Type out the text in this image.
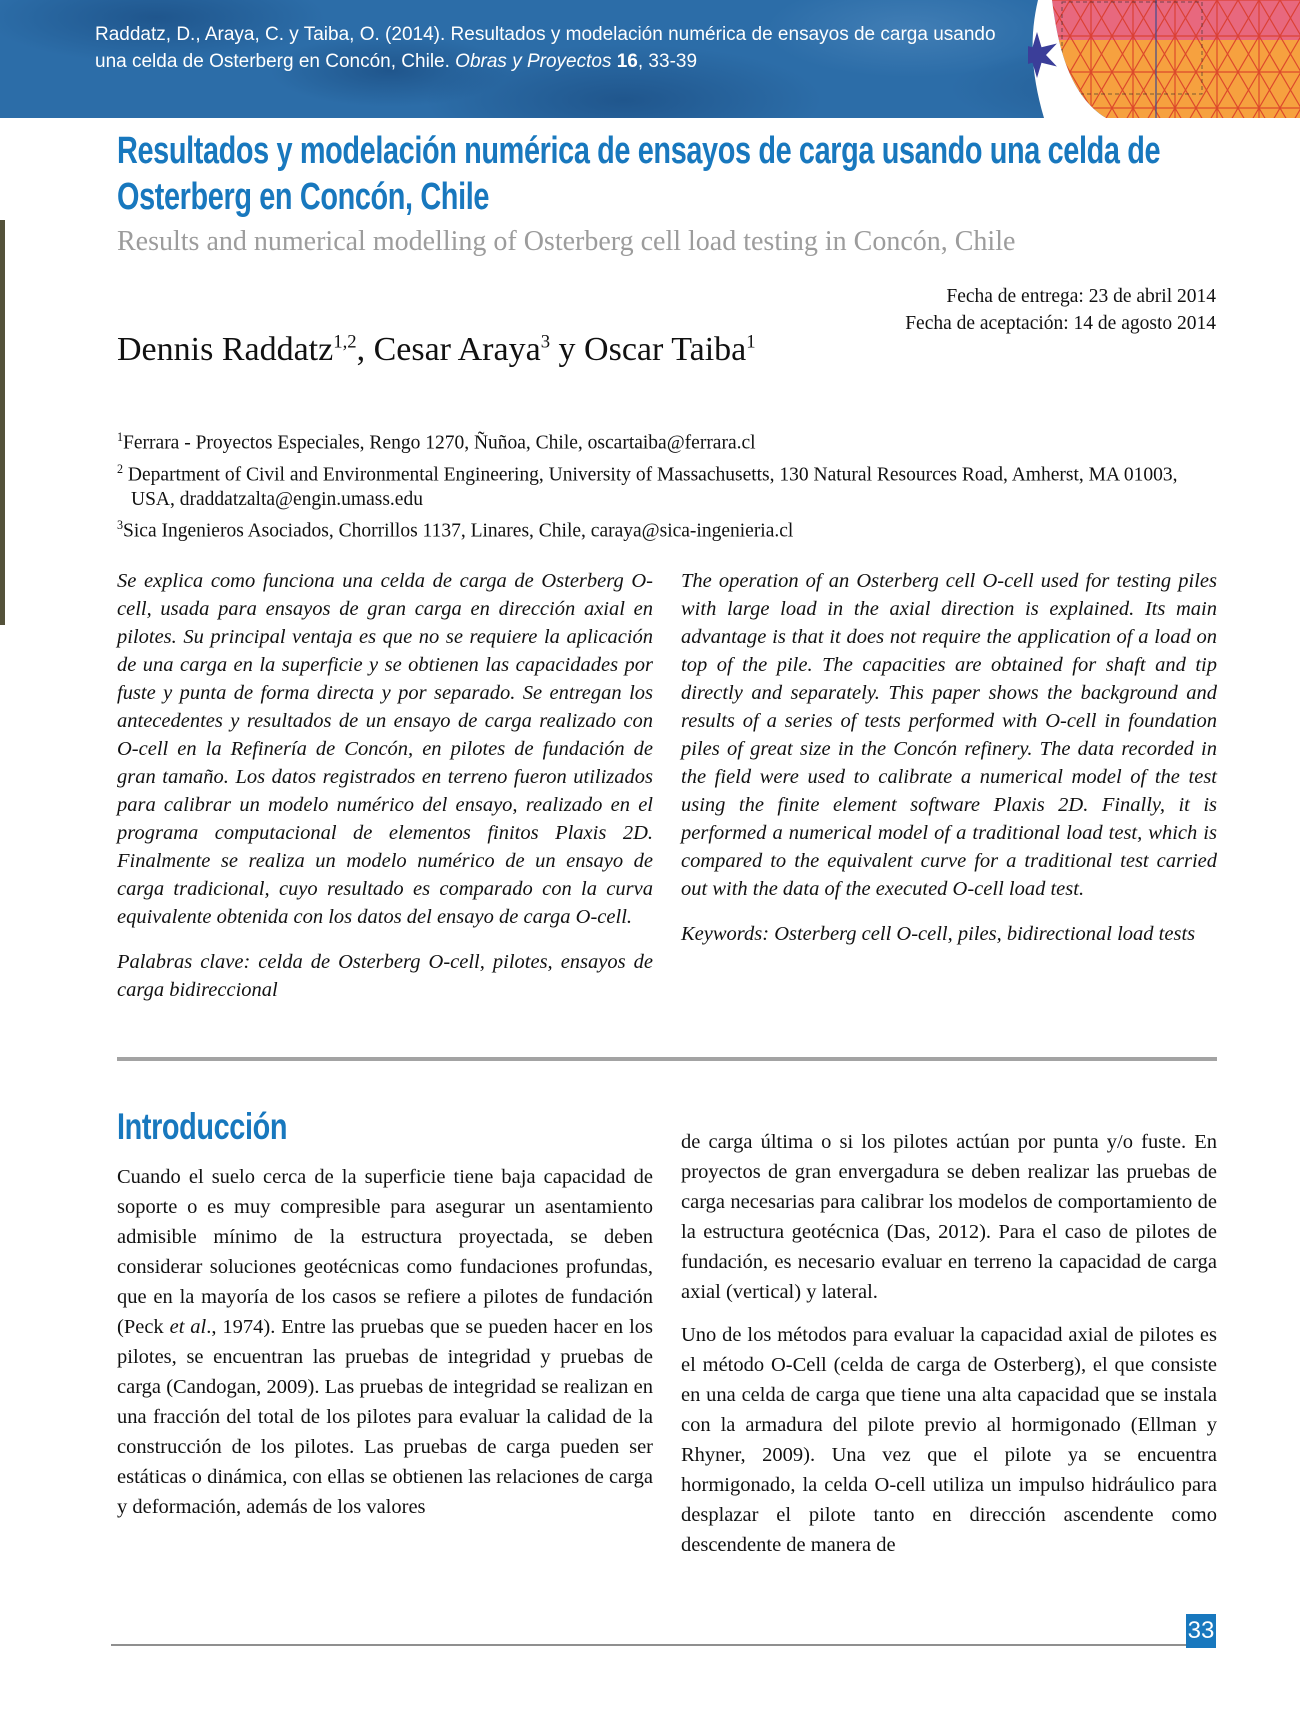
Raddatz, D., Araya, C. y Taiba, O. (2014). Resultados y modelación numérica de ensayos de carga usando una celda de Osterberg en Concón, Chile. Obras y Proyectos 16, 33-39
Resultados y modelación numérica de ensayos de carga usando una celda de
Osterberg en Concón, Chile
Results and numerical modelling of Osterberg cell load testing in Concón, Chile
Fecha de entrega: 23 de abril 2014
Fecha de aceptación: 14 de agosto 2014
Dennis Raddatz$^{1,2}$, Cesar Araya$^3$ y Oscar Taiba$^1$
$^1$Ferrara - Proyectos Especiales, Rengo 1270, Ñuñoa, Chile, oscartaiba@ferrara.cl
$^2$ Department of Civil and Environmental Engineering, University of Massachusetts, 130 Natural Resources Road, Amherst, MA 01003, USA, draddatzalta@engin.umass.edu
$^3$Sica Ingenieros Asociados, Chorrillos 1137, Linares, Chile, caraya@sica-ingenieria.cl
Se explica como funciona una celda de carga de Osterberg O-cell, usada para ensayos de gran carga en dirección axial en pilotes. Su principal ventaja es que no se requiere la aplicación de una carga en la superficie y se obtienen las capacidades por fuste y punta de forma directa y por separado. Se entregan los antecedentes y resultados de un ensayo de carga realizado con O-cell en la Refinería de Concón, en pilotes de fundación de gran tamaño. Los datos registrados en terreno fueron utilizados para calibrar un modelo numérico del ensayo, realizado en el programa computacional de elementos finitos Plaxis 2D. Finalmente se realiza un modelo numérico de un ensayo de carga tradicional, cuyo resultado es comparado con la curva equivalente obtenida con los datos del ensayo de carga O-cell.
Palabras clave: celda de Osterberg O-cell, pilotes, ensayos de carga bidireccional
The operation of an Osterberg cell O-cell used for testing piles with large load in the axial direction is explained. Its main advantage is that it does not require the application of a load on top of the pile. The capacities are obtained for shaft and tip directly and separately. This paper shows the background and results of a series of tests performed with O-cell in foundation piles of great size in the Concón refinery. The data recorded in the field were used to calibrate a numerical model of the test using the finite element software Plaxis 2D. Finally, it is performed a numerical model of a traditional load test, which is compared to the equivalent curve for a traditional test carried out with the data of the executed O-cell load test.
Keywords: Osterberg cell O-cell, piles, bidirectional load tests
Introducción

Cuando el suelo cerca de la superficie tiene baja capacidad de soporte o es muy compresible para asegurar un asentamiento admisible mínimo de la estructura proyectada, se deben considerar soluciones geotécnicas como fundaciones profundas, que en la mayoría de los casos se refiere a pilotes de fundación (Peck et al., 1974). Entre las pruebas que se pueden hacer en los pilotes, se encuentran las pruebas de integridad y pruebas de carga (Candogan, 2009). Las pruebas de integridad se realizan en una fracción del total de los pilotes para evaluar la calidad de la construcción de los pilotes. Las pruebas de carga pueden ser estáticas o dinámica, con ellas se obtienen las relaciones de carga y deformación, además de los valores

de carga última o si los pilotes actúan por punta y/o fuste. En proyectos de gran envergadura se deben realizar las pruebas de carga necesarias para calibrar los modelos de comportamiento de la estructura geotécnica (Das, 2012). Para el caso de pilotes de fundación, es necesario evaluar en terreno la capacidad de carga axial (vertical) y lateral.

Uno de los métodos para evaluar la capacidad axial de pilotes es el método O-Cell (celda de carga de Osterberg), el que consiste en una celda de carga que tiene una alta capacidad que se instala con la armadura del pilote previo al hormigonado (Ellman y Rhyner, 2009). Una vez que el pilote ya se encuentra hormigonado, la celda O-cell utiliza un impulso hidráulico para desplazar el pilote tanto en dirección ascendente como descendente de manera de

33
